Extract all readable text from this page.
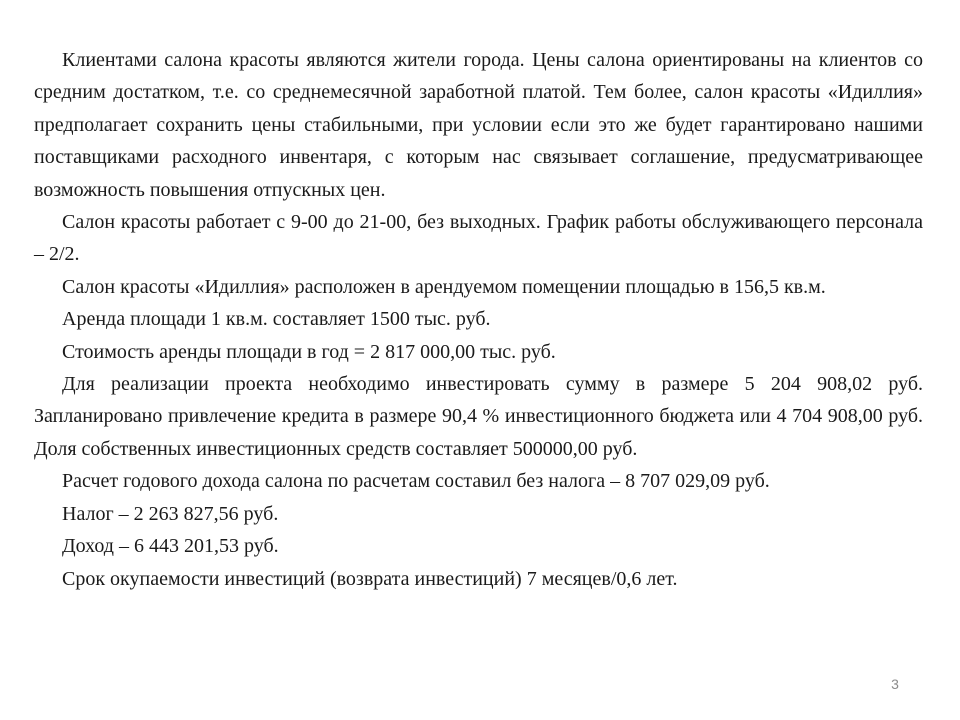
Клиентами салона красоты являются жители города. Цены салона ориентированы на клиентов со средним достатком, т.е. со среднемесячной заработной платой. Тем более, салон красоты «Идиллия» предполагает сохранить цены стабильными, при условии если это же будет гарантировано нашими поставщиками расходного инвентаря, с которым нас связывает соглашение, предусматривающее возможность повышения отпускных цен.

Салон красоты работает с 9-00 до 21-00, без выходных. График работы обслуживающего персонала – 2/2.

Салон красоты «Идиллия» расположен в арендуемом помещении площадью в 156,5 кв.м.

Аренда площади 1 кв.м. составляет 1500 тыс. руб.

Стоимость аренды площади в год = 2 817 000,00 тыс. руб.

Для реализации проекта необходимо инвестировать сумму в размере 5 204 908,02 руб. Запланировано привлечение кредита в размере 90,4 % инвестиционного бюджета или 4 704 908,00 руб. Доля собственных инвестиционных средств составляет 500000,00 руб.

Расчет годового дохода салона по расчетам составил без налога – 8 707 029,09 руб.

Налог – 2 263 827,56 руб.

Доход – 6 443 201,53 руб.

Срок окупаемости инвестиций (возврата инвестиций) 7 месяцев/0,6 лет.

3
